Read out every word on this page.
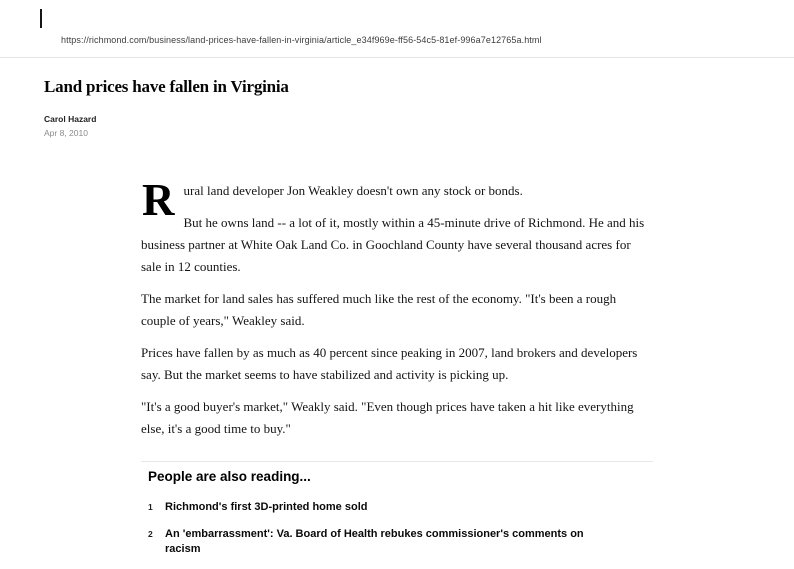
https://richmond.com/business/land-prices-have-fallen-in-virginia/article_e34f969e-ff56-54c5-81ef-996a7e12765a.html
Land prices have fallen in Virginia
Carol Hazard
Apr 8, 2010
R ural land developer Jon Weakley doesn't own any stock or bonds.

But he owns land -- a lot of it, mostly within a 45-minute drive of Richmond. He and his business partner at White Oak Land Co. in Goochland County have several thousand acres for sale in 12 counties.

The market for land sales has suffered much like the rest of the economy. "It's been a rough couple of years," Weakley said.

Prices have fallen by as much as 40 percent since peaking in 2007, land brokers and developers say. But the market seems to have stabilized and activity is picking up.

"It's a good buyer's market," Weakly said. "Even though prices have taken a hit like everything else, it's a good time to buy."

People are also reading...
1	Richmond's first 3D-printed home sold
2	An 'embarrassment': Va. Board of Health rebukes commissioner's comments on racism
